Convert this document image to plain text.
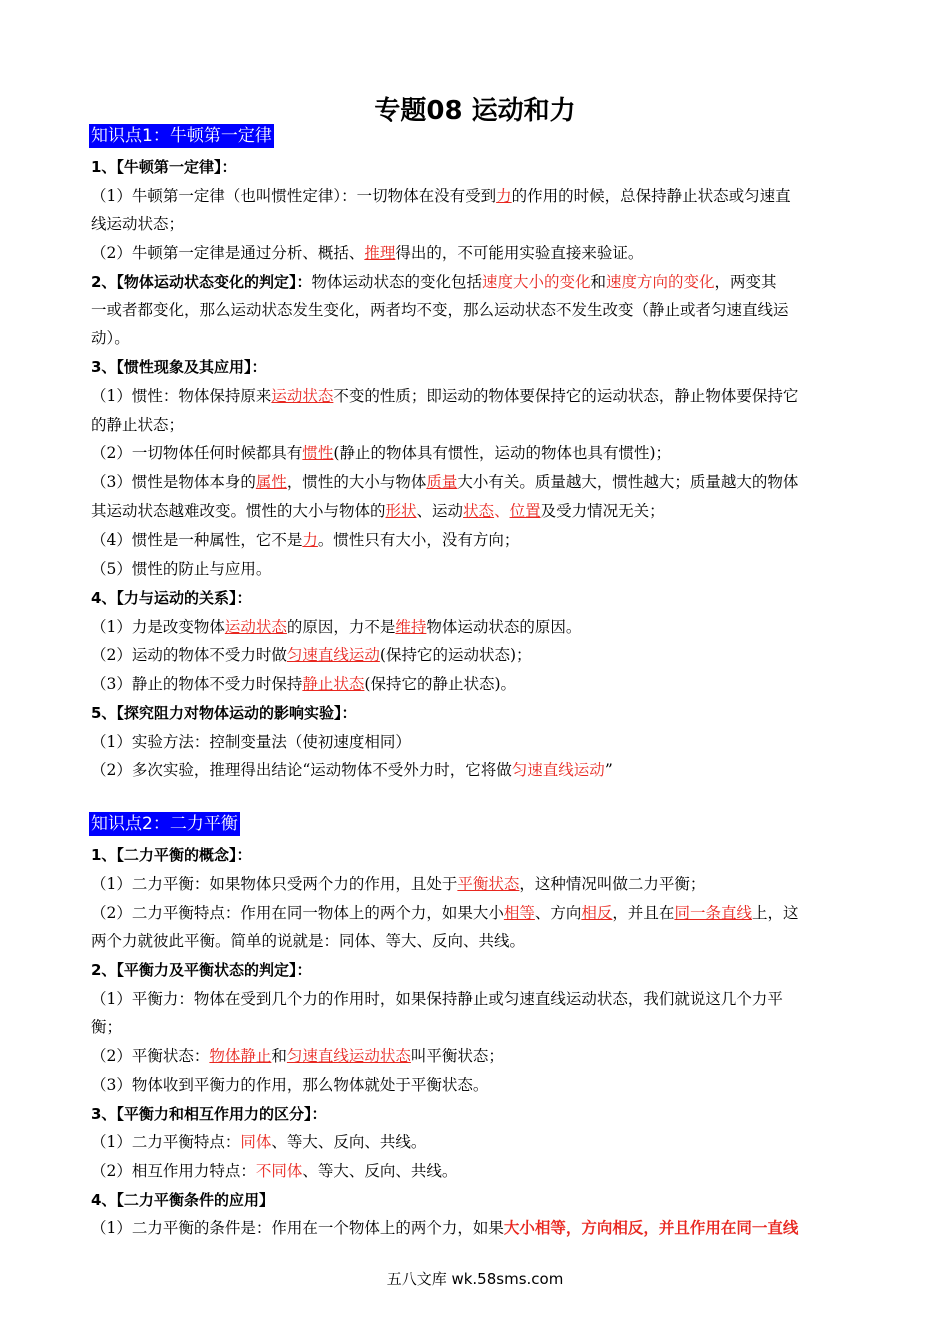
专题08 运动和力
知识点1：牛顿第一定律
1、【牛顿第一定律】：
（1）牛顿第一定律（也叫惯性定律）：一切物体在没有受到力的作用的时候，总保持静止状态或匀速直
线运动状态；
（2）牛顿第一定律是通过分析、概括、推理得出的，不可能用实验直接来验证。
2、【物体运动状态变化的判定】：物体运动状态的变化包括速度大小的变化和速度方向的变化，两变其
一或者都变化，那么运动状态发生变化，两者均不变，那么运动状态不发生改变（静止或者匀速直线运
动）。
3、【惯性现象及其应用】：
（1）惯性：物体保持原来运动状态不变的性质；即运动的物体要保持它的运动状态，静止物体要保持它
的静止状态；
（2）一切物体任何时候都具有惯性(静止的物体具有惯性，运动的物体也具有惯性)；
（3）惯性是物体本身的属性，惯性的大小与物体质量大小有关。质量越大，惯性越大；质量越大的物体
其运动状态越难改变。惯性的大小与物体的形状、运动状态、位置及受力情况无关；
（4）惯性是一种属性，它不是力。惯性只有大小，没有方向；
（5）惯性的防止与应用。
4、【力与运动的关系】：
（1）力是改变物体运动状态的原因，力不是维持物体运动状态的原因。
（2）运动的物体不受力时做匀速直线运动(保持它的运动状态)；
（3）静止的物体不受力时保持静止状态(保持它的静止状态)。
5、【探究阻力对物体运动的影响实验】：
（1）实验方法：控制变量法（使初速度相同）
（2）多次实验，推理得出结论“运动物体不受外力时，它将做匀速直线运动”
知识点2：二力平衡
1、【二力平衡的概念】：
（1）二力平衡：如果物体只受两个力的作用，且处于平衡状态，这种情况叫做二力平衡；
（2）二力平衡特点：作用在同一物体上的两个力，如果大小相等、方向相反，并且在同一条直线上，这
两个力就彼此平衡。简单的说就是：同体、等大、反向、共线。
2、【平衡力及平衡状态的判定】：
（1）平衡力：物体在受到几个力的作用时，如果保持静止或匀速直线运动状态，我们就说这几个力平
衡；
（2）平衡状态：物体静止和匀速直线运动状态叫平衡状态；
（3）物体收到平衡力的作用，那么物体就处于平衡状态。
3、【平衡力和相互作用力的区分】：
（1）二力平衡特点：同体、等大、反向、共线。
（2）相互作用力特点：不同体、等大、反向、共线。
4、【二力平衡条件的应用】
（1）二力平衡的条件是：作用在一个物体上的两个力，如果大小相等，方向相反，并且作用在同一直线
五八文库 wk.58sms.com
